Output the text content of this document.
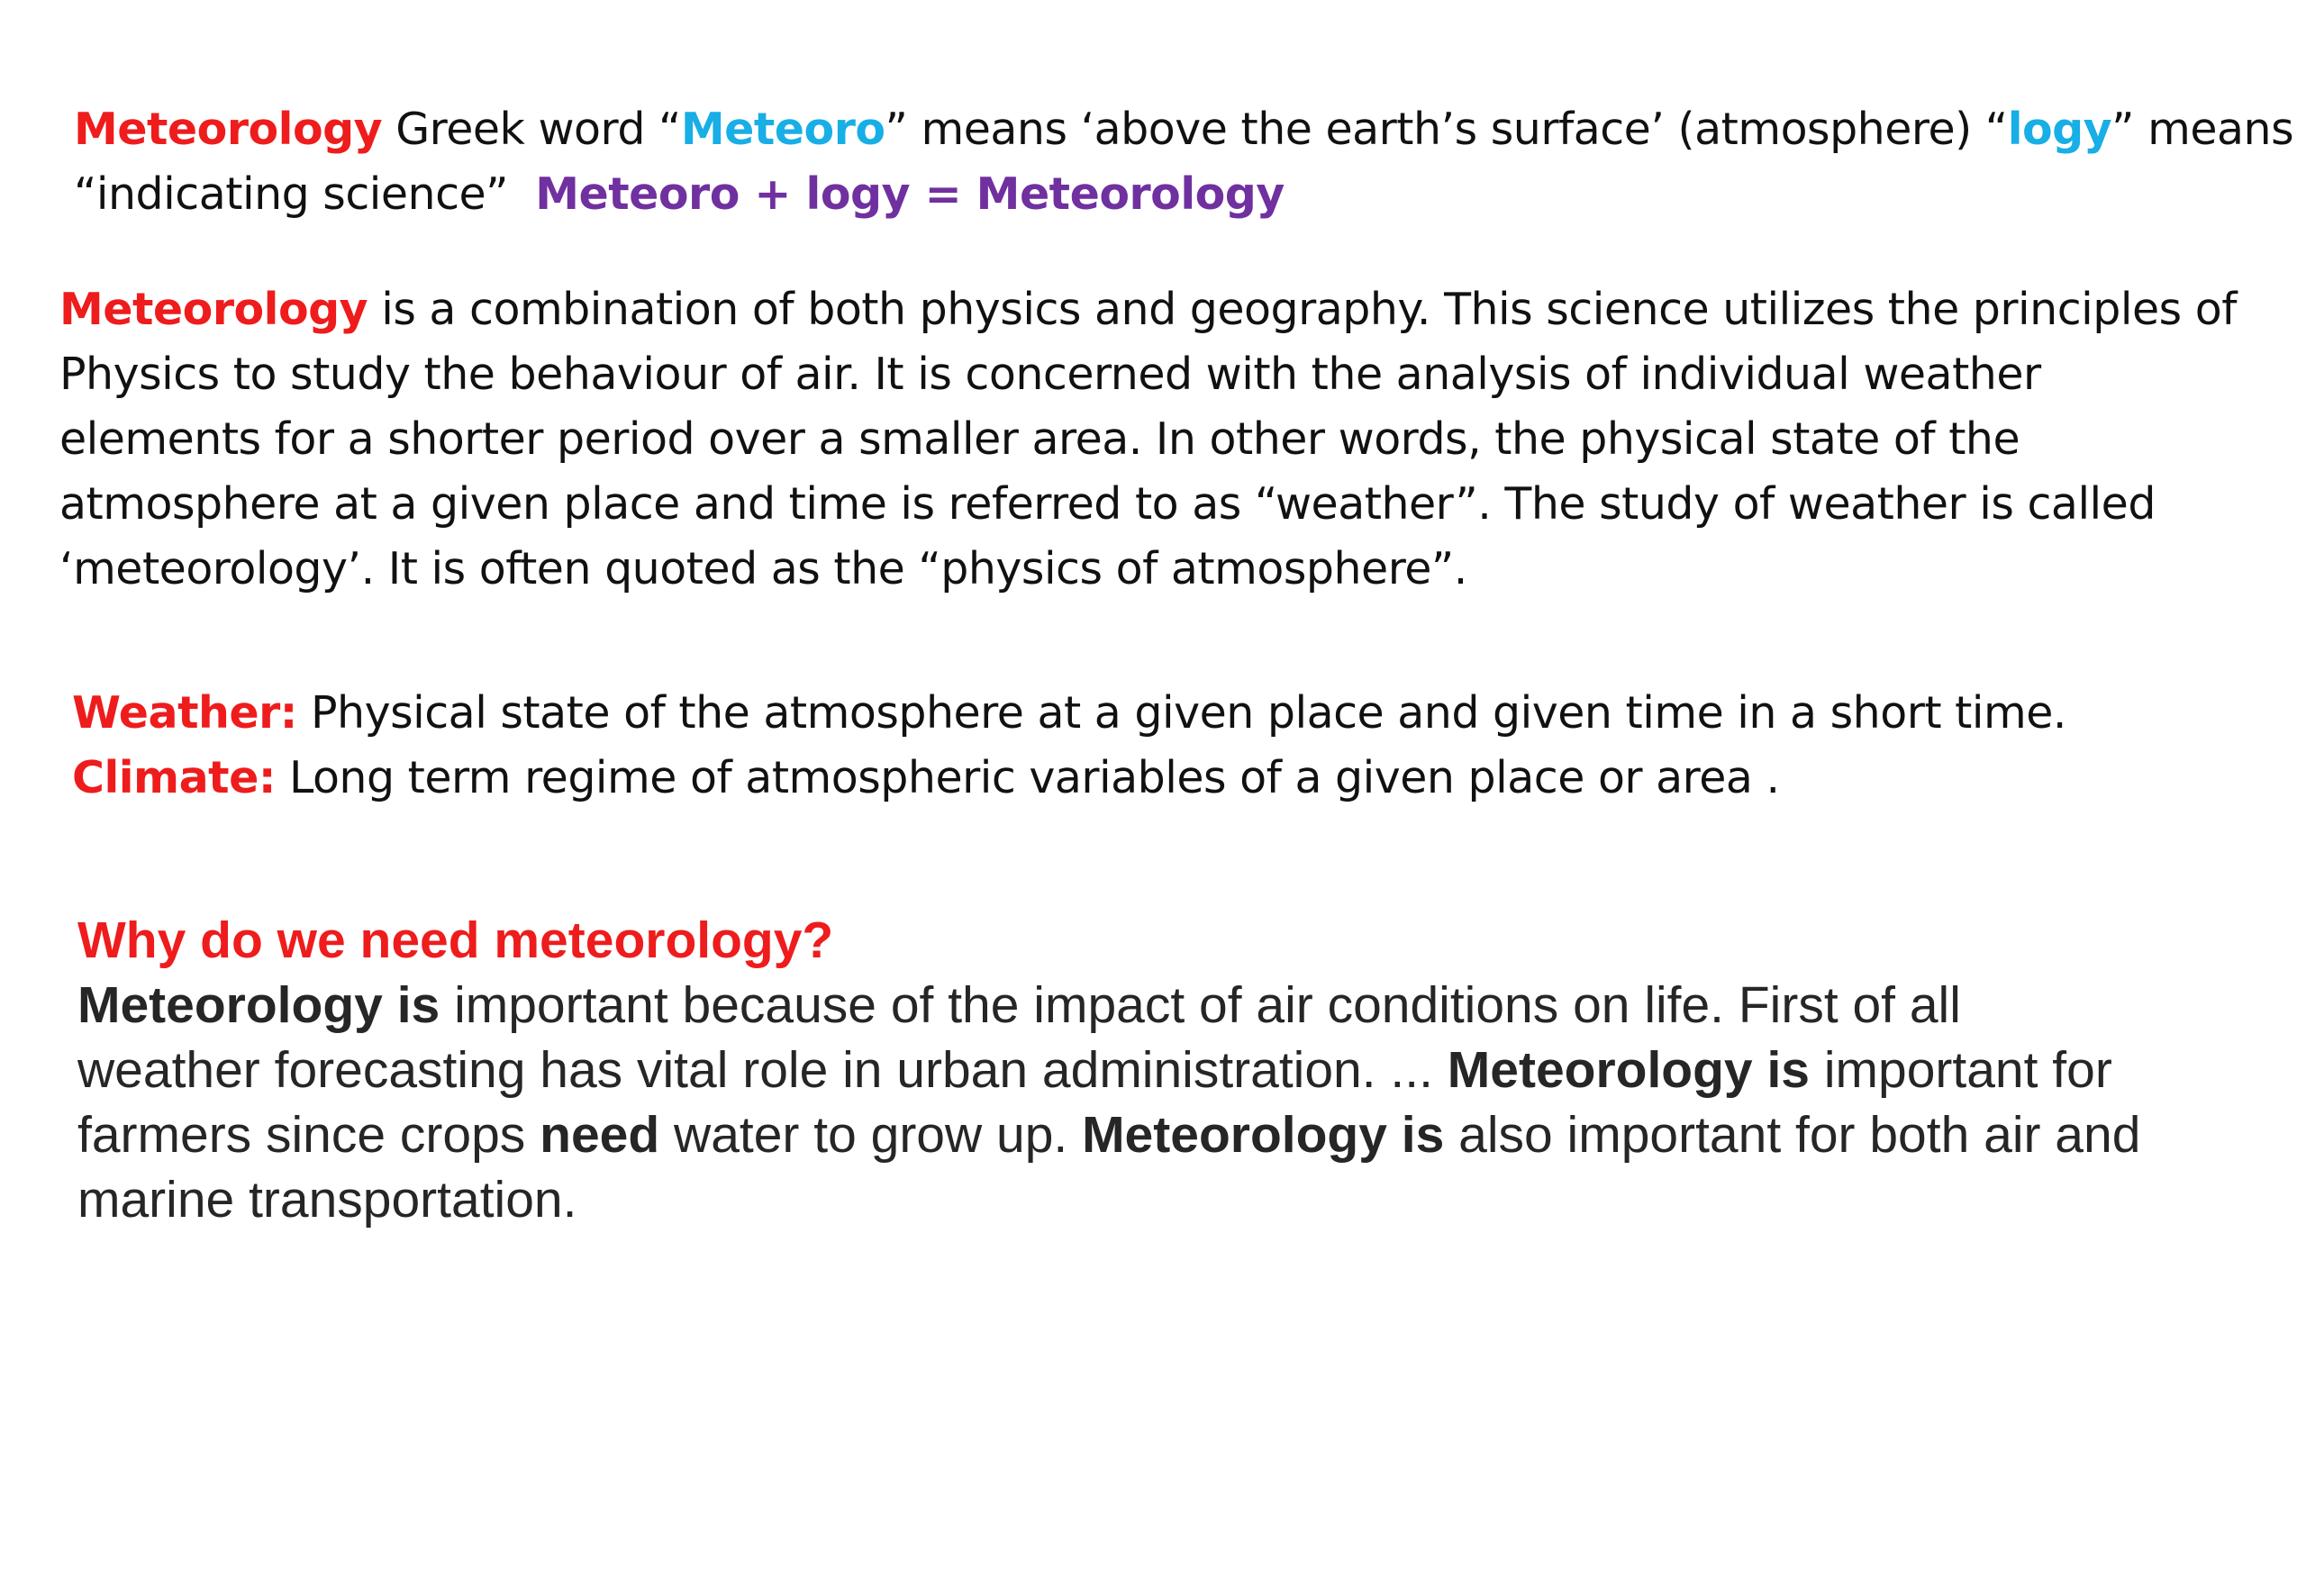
Meteorology Greek word “Meteoro” means ‘above the earth’s surface’ (atmosphere) “logy” means
“indicating science”  Meteoro + logy = Meteorology
Meteorology is a combination of both physics and geography. This science utilizes the principles of
Physics to study the behaviour of air. It is concerned with the analysis of individual weather
elements for a shorter period over a smaller area. In other words, the physical state of the
atmosphere at a given place and time is referred to as “weather”. The study of weather is called
‘meteorology’. It is often quoted as the “physics of atmosphere”.
Weather: Physical state of the atmosphere at a given place and given time in a short time.
Climate: Long term regime of atmospheric variables of a given place or area .
Why do we need meteorology?
Meteorology is important because of the impact of air conditions on life. First of all
weather forecasting has vital role in urban administration. ... Meteorology is important for
farmers since crops need water to grow up. Meteorology is also important for both air and
marine transportation.
